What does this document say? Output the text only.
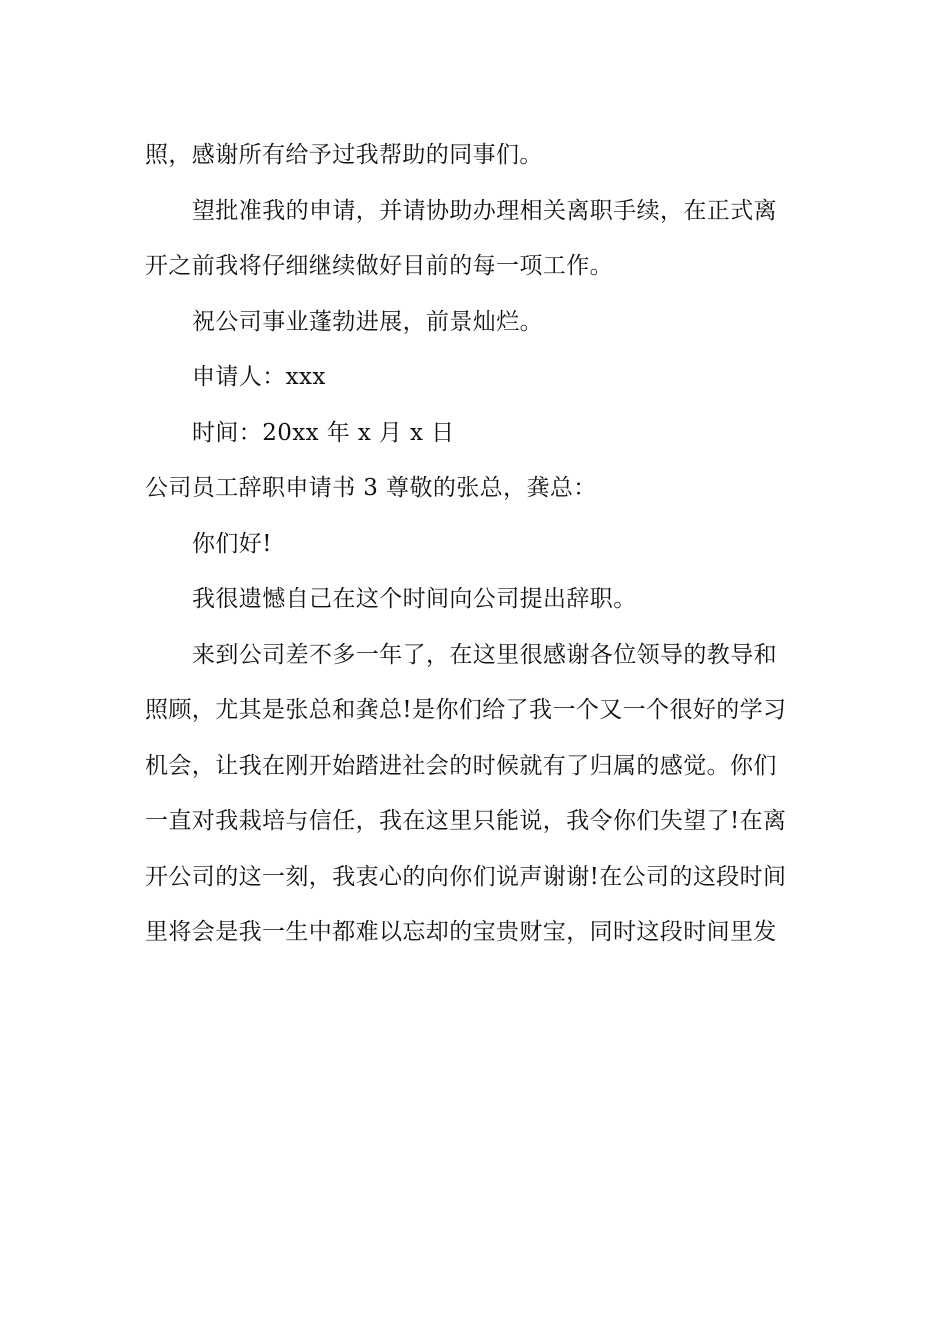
照，感谢所有给予过我帮助的同事们。
望批准我的申请，并请协助办理相关离职手续，在正式离
开之前我将仔细继续做好目前的每一项工作。
祝公司事业蓬勃进展，前景灿烂。
申请人：xxx
时间：20xx 年 x 月 x 日
公司员工辞职申请书 3 尊敬的张总，龚总：
你们好!
我很遗憾自己在这个时间向公司提出辞职。
来到公司差不多一年了，在这里很感谢各位领导的教导和
照顾，尤其是张总和龚总!是你们给了我一个又一个很好的学习
机会，让我在刚开始踏进社会的时候就有了归属的感觉。你们
一直对我栽培与信任，我在这里只能说，我令你们失望了!在离
开公司的这一刻，我衷心的向你们说声谢谢!在公司的这段时间
里将会是我一生中都难以忘却的宝贵财宝，同时这段时间里发
